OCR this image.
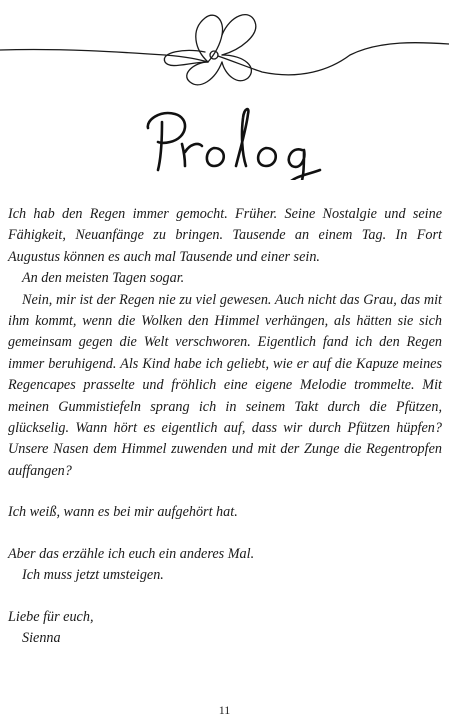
Ich hab den Regen immer gemocht. Früher. Seine Nostalgie und seine Fähigkeit, Neuanfänge zu bringen. Tausende an einem Tag. In Fort Augustus können es auch mal Tausende und einer sein.

An den meisten Tagen sogar.

Nein, mir ist der Regen nie zu viel gewesen. Auch nicht das Grau, das mit ihm kommt, wenn die Wolken den Himmel verhängen, als hätten sie sich gemeinsam gegen die Welt verschworen. Eigentlich fand ich den Regen immer beruhigend. Als Kind habe ich geliebt, wie er auf die Kapuze meines Regencapes prasselte und fröhlich eine eigene Melodie trommelte. Mit meinen Gummistiefeln sprang ich in seinem Takt durch die Pfützen, glückselig. Wann hört es eigentlich auf, dass wir durch Pfützen hüpfen? Unsere Nasen dem Himmel zuwenden und mit der Zunge die Regentropfen auffangen?

Ich weiß, wann es bei mir aufgehört hat.

Aber das erzähle ich euch ein anderes Mal.

Ich muss jetzt umsteigen.

Liebe für euch,

Sienna

11
